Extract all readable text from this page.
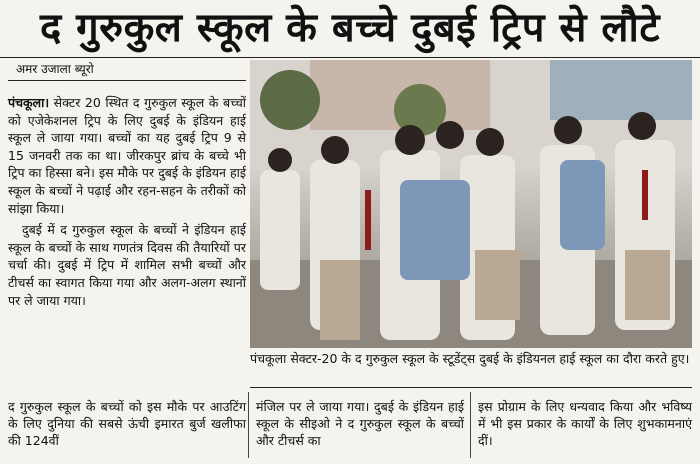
द गुरुकुल स्कूल के बच्चे दुबई ट्रिप से लौटे
अमर उजाला ब्यूरो

पंचकूला। सेक्टर 20 स्थित द गुरुकुल स्कूल के बच्चों को एजेकेशनल ट्रिप के लिए दुबई के इंडियन हाई स्कूल ले जाया गया। बच्चों का यह दुबई ट्रिप 9 से 15 जनवरी तक का था। जीरकपुर ब्रांच के बच्चे भी ट्रिप का हिस्सा बने। इस मौके पर दुबई के इंडियन हाई स्कूल के बच्चों ने पढ़ाई और रहन-सहन के तरीकों को सांझा किया।

दुबई में द गुरुकुल स्कूल के बच्चों ने इंडियन हाई स्कूल के बच्चों के साथ गणतंत्र दिवस की तैयारियों पर चर्चा की। दुबई में ट्रिप में शामिल सभी बच्चों और टीचर्स का स्वागत किया गया और अलग-अलग स्थानों पर ले जाया गया।

पंचकूला सेक्टर-20 के द गुरुकुल स्कूल के स्टूडेंट्स दुबई के इंडियनल हाई स्कूल का दौरा करते हुए।
द गुरुकुल स्कूल के बच्चों को इस मौके पर आउटिंग के लिए दुनिया की सबसे ऊंची इमारत बुर्ज खलीफा की 124वीं
मंजिल पर ले जाया गया। दुबई के इंडियन हाई स्कूल के सीइओ ने द गुरुकुल स्कूल के बच्चों और टीचर्स का
इस प्रोग्राम के लिए धन्यवाद किया और भविष्य में भी इस प्रकार के कार्यों के लिए शुभकामनाएं दीं।
